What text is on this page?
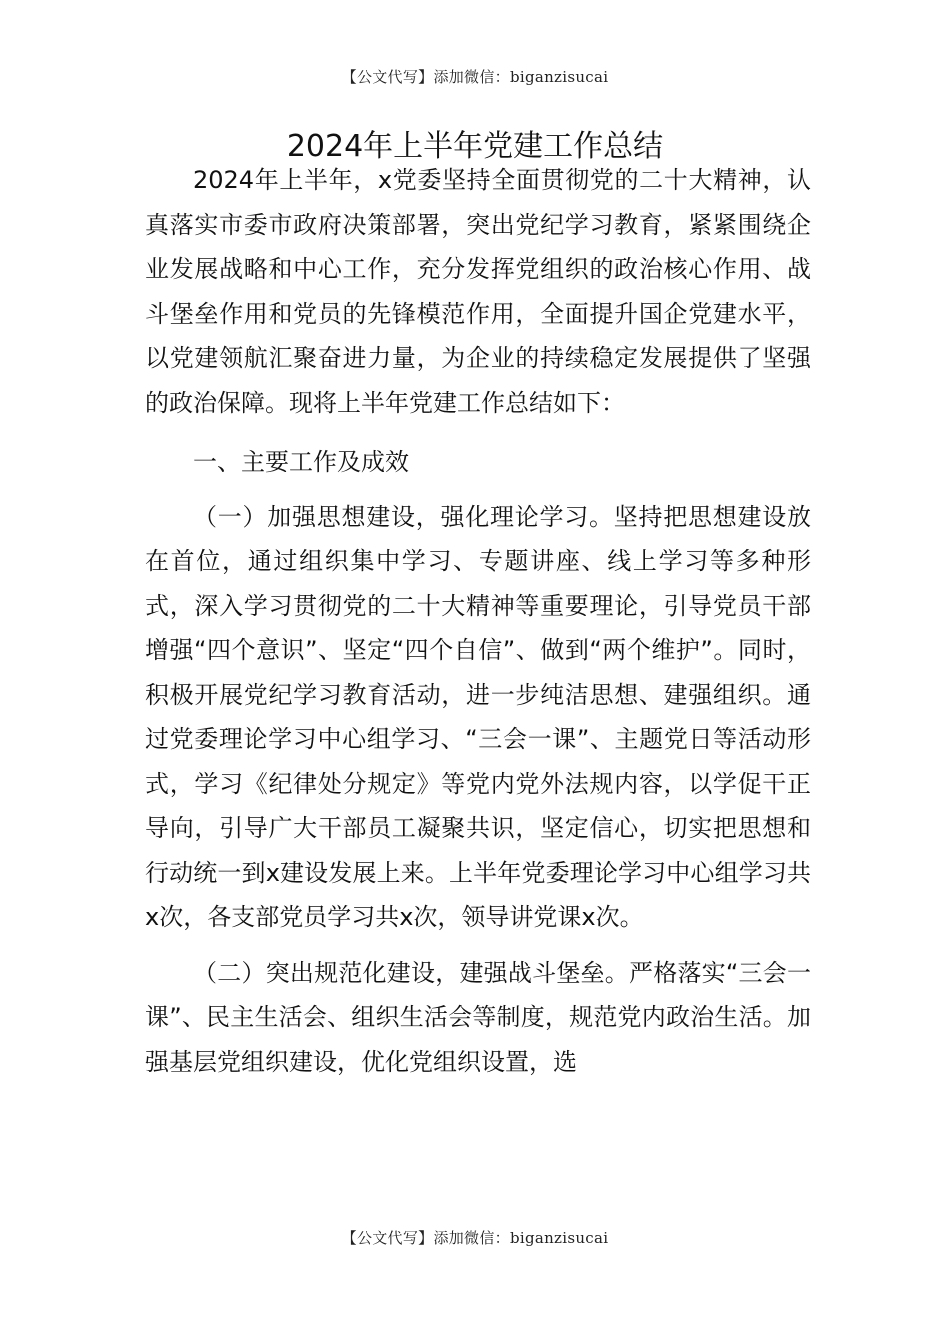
【公文代写】添加微信：biganzisucai
2024年上半年党建工作总结

2024年上半年，x党委坚持全面贯彻党的二十大精神，认真落实市委市政府决策部署，突出党纪学习教育，紧紧围绕企业发展战略和中心工作，充分发挥党组织的政治核心作用、战斗堡垒作用和党员的先锋模范作用，全面提升国企党建水平，以党建领航汇聚奋进力量，为企业的持续稳定发展提供了坚强的政治保障。现将上半年党建工作总结如下：

一、主要工作及成效

（一）加强思想建设，强化理论学习。坚持把思想建设放在首位，通过组织集中学习、专题讲座、线上学习等多种形式，深入学习贯彻党的二十大精神等重要理论，引导党员干部增强“四个意识”、坚定“四个自信”、做到“两个维护”。同时，积极开展党纪学习教育活动，进一步纯洁思想、建强组织。通过党委理论学习中心组学习、“三会一课”、主题党日等活动形式，学习《纪律处分规定》等党内党外法规内容，以学促干正导向，引导广大干部员工凝聚共识，坚定信心，切实把思想和行动统一到x建设发展上来。上半年党委理论学习中心组学习共x次，各支部党员学习共x次，领导讲党课x次。

（二）突出规范化建设，建强战斗堡垒。严格落实“三会一课”、民主生活会、组织生活会等制度，规范党内政治生活。加强基层党组织建设，优化党组织设置，选

【公文代写】添加微信：biganzisucai
